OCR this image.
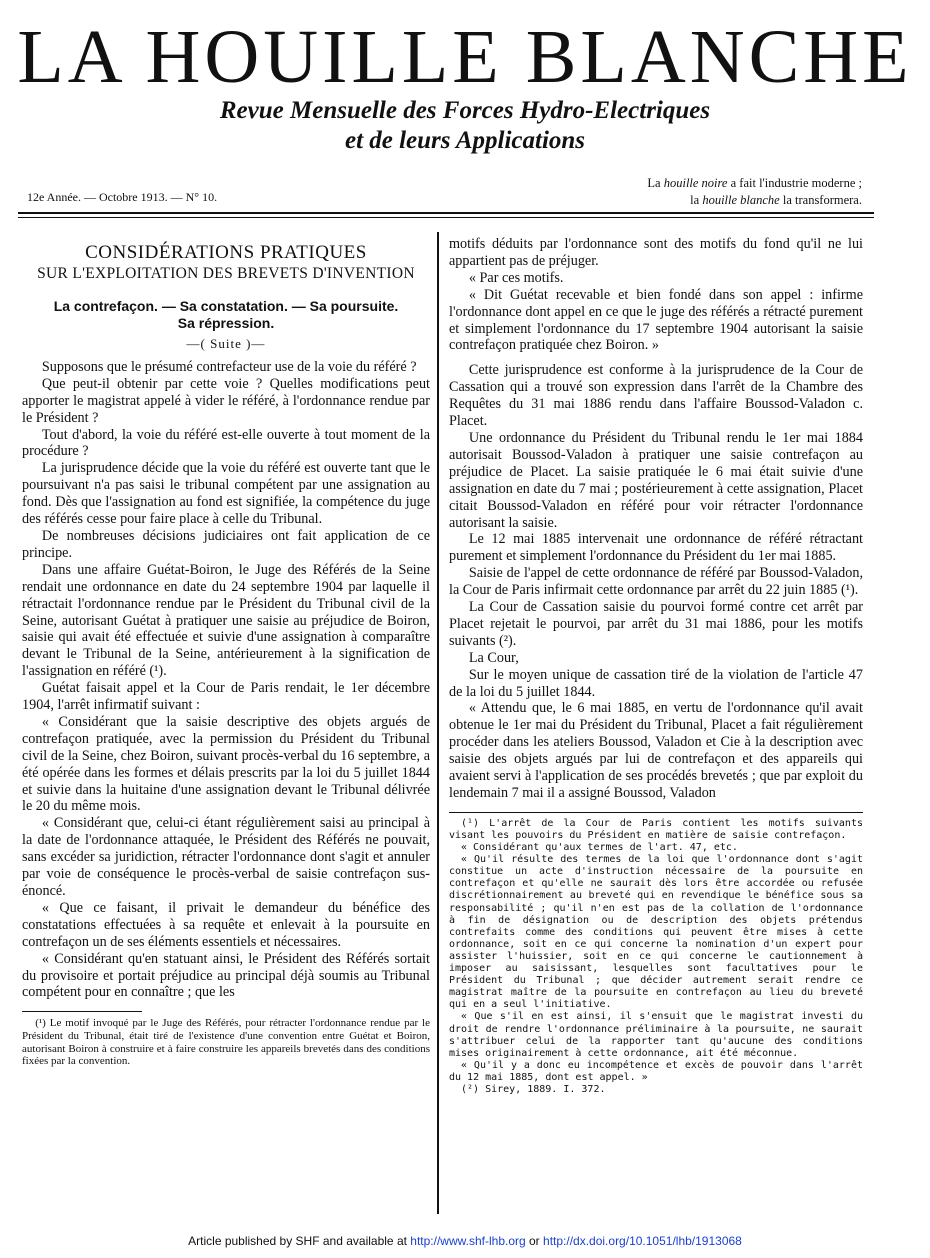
LA HOUILLE BLANCHE
Revue Mensuelle des Forces Hydro-Electriques
et de leurs Applications
12e Année. — Octobre 1913. — N° 10.
La houille noire a fait l'industrie moderne ;
la houille blanche la transformera.
CONSIDÉRATIONS PRATIQUES
SUR L'EXPLOITATION DES BREVETS D'INVENTION
La contrefaçon. — Sa constatation. — Sa poursuite.
Sa répression.
—( Suite )—

Supposons que le présumé contrefacteur use de la voie du référé ?

Que peut-il obtenir par cette voie ? Quelles modifications peut apporter le magistrat appelé à vider le référé, à l'ordonnance rendue par le Président ?

Tout d'abord, la voie du référé est-elle ouverte à tout moment de la procédure ?

La jurisprudence décide que la voie du référé est ouverte tant que le poursuivant n'a pas saisi le tribunal compétent par une assignation au fond. Dès que l'assignation au fond est signifiée, la compétence du juge des référés cesse pour faire place à celle du Tribunal.

De nombreuses décisions judiciaires ont fait application de ce principe.

Dans une affaire Guétat-Boiron, le Juge des Référés de la Seine rendait une ordonnance en date du 24 septembre 1904 par laquelle il rétractait l'ordonnance rendue par le Président du Tribunal civil de la Seine, autorisant Guétat à pratiquer une saisie au préjudice de Boiron, saisie qui avait été effectuée et suivie d'une assignation à comparaître devant le Tribunal de la Seine, antérieurement à la signification de l'assignation en référé (¹).

Guétat faisait appel et la Cour de Paris rendait, le 1er décembre 1904, l'arrêt infirmatif suivant :

« Considérant que la saisie descriptive des objets argués de contrefaçon pratiquée, avec la permission du Président du Tribunal civil de la Seine, chez Boiron, suivant procès-verbal du 16 septembre, a été opérée dans les formes et délais prescrits par la loi du 5 juillet 1844 et suivie dans la huitaine d'une assignation devant le Tribunal délivrée le 20 du même mois.

« Considérant que, celui-ci étant régulièrement saisi au principal à la date de l'ordonnance attaquée, le Président des Référés ne pouvait, sans excéder sa juridiction, rétracter l'ordonnance dont s'agit et annuler par voie de conséquence le procès-verbal de saisie contrefaçon sus-énoncé.

« Que ce faisant, il privait le demandeur du bénéfice des constatations effectuées à sa requête et enlevait à la poursuite en contrefaçon un de ses éléments essentiels et nécessaires.

« Considérant qu'en statuant ainsi, le Président des Référés sortait du provisoire et portait préjudice au principal déjà soumis au Tribunal compétent pour en connaître ; que les

(¹) Le motif invoqué par le Juge des Référés, pour rétracter l'ordonnance rendue par le Président du Tribunal, était tiré de l'existence d'une convention entre Guétat et Boiron, autorisant Boiron à construire et à faire construire les appareils brevetés dans des conditions fixées par la convention.

motifs déduits par l'ordonnance sont des motifs du fond qu'il ne lui appartient pas de préjuger.

« Par ces motifs.

« Dit Guétat recevable et bien fondé dans son appel : infirme l'ordonnance dont appel en ce que le juge des référés a rétracté purement et simplement l'ordonnance du 17 septembre 1904 autorisant la saisie contrefaçon pratiquée chez Boiron. »

Cette jurisprudence est conforme à la jurisprudence de la Cour de Cassation qui a trouvé son expression dans l'arrêt de la Chambre des Requêtes du 31 mai 1886 rendu dans l'affaire Boussod-Valadon c. Placet.

Une ordonnance du Président du Tribunal rendu le 1er mai 1884 autorisait Boussod-Valadon à pratiquer une saisie contrefaçon au préjudice de Placet. La saisie pratiquée le 6 mai était suivie d'une assignation en date du 7 mai ; postérieurement à cette assignation, Placet citait Boussod-Valadon en référé pour voir rétracter l'ordonnance autorisant la saisie.

Le 12 mai 1885 intervenait une ordonnance de référé rétractant purement et simplement l'ordonnance du Président du 1er mai 1885.

Saisie de l'appel de cette ordonnance de référé par Boussod-Valadon, la Cour de Paris infirmait cette ordonnance par arrêt du 22 juin 1885 (¹).

La Cour de Cassation saisie du pourvoi formé contre cet arrêt par Placet rejetait le pourvoi, par arrêt du 31 mai 1886, pour les motifs suivants (²).

La Cour,

Sur le moyen unique de cassation tiré de la violation de l'article 47 de la loi du 5 juillet 1844.

« Attendu que, le 6 mai 1885, en vertu de l'ordonnance qu'il avait obtenue le 1er mai du Président du Tribunal, Placet a fait régulièrement procéder dans les ateliers Boussod, Valadon et Cie à la description avec saisie des objets argués par lui de contrefaçon et des appareils qui avaient servi à l'application de ses procédés brevetés ; que par exploit du lendemain 7 mai il a assigné Boussod, Valadon

(¹) L'arrêt de la Cour de Paris contient les motifs suivants visant les pouvoirs du Président en matière de saisie contrefaçon.

« Considérant qu'aux termes de l'art. 47, etc.

« Qu'il résulte des termes de la loi que l'ordonnance dont s'agit constitue un acte d'instruction nécessaire de la poursuite en contrefaçon et qu'elle ne saurait dès lors être accordée ou refusée discrétionnairement au breveté qui en revendique le bénéfice sous sa responsabilité ; qu'il n'en est pas de la collation de l'ordonnance à fin de désignation ou de description des objets prétendus contrefaits comme des conditions qui peuvent être mises à cette ordonnance, soit en ce qui concerne la nomination d'un expert pour assister l'huissier, soit en ce qui concerne le cautionnement à imposer au saisissant, lesquelles sont facultatives pour le Président du Tribunal ; que décider autrement serait rendre ce magistrat maître de la poursuite en contrefaçon au lieu du breveté qui en a seul l'initiative.

« Que s'il en est ainsi, il s'ensuit que le magistrat investi du droit de rendre l'ordonnance préliminaire à la poursuite, ne saurait s'attribuer celui de la rapporter tant qu'aucune des conditions mises originairement à cette ordonnance, ait été méconnue.

« Qu'il y a donc eu incompétence et excès de pouvoir dans l'arrêt du 12 mai 1885, dont est appel. »

(²) Sirey, 1889. I. 372.

Article published by SHF and available at http://www.shf-lhb.org or http://dx.doi.org/10.1051/lhb/1913068
